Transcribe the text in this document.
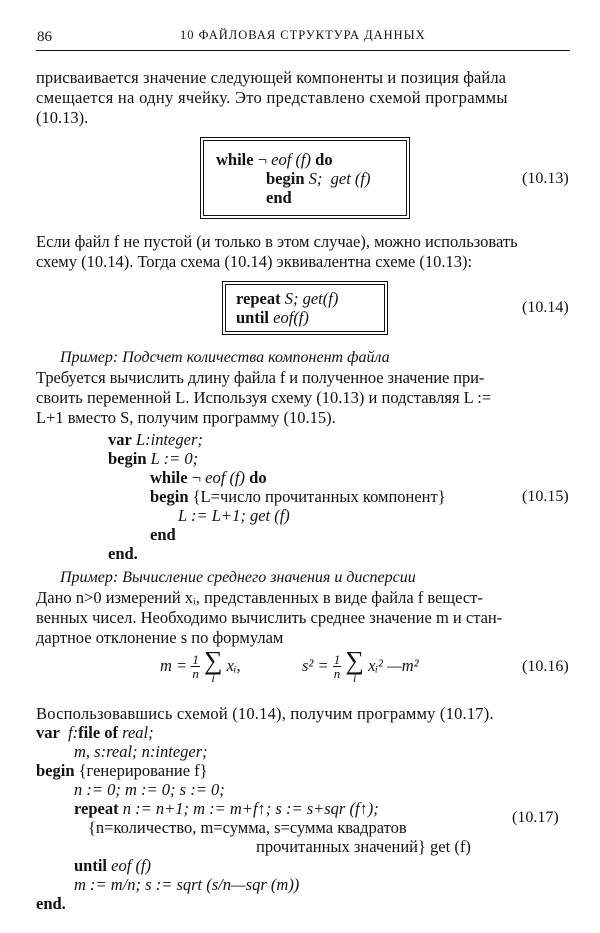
86	10 ФАЙЛОВАЯ СТРУКТУРА ДАННЫХ
присваивается значение следующей компоненты и позиция файла
смещается на одну ячейку. Это представлено схемой программы
(10.13).
while ¬ eof (f) do
begin S; get (f)
end
(10.13)
Если файл f не пустой (и только в этом случае), можно использовать
схему (10.14). Тогда схема (10.14) эквивалентна схеме (10.13):
repeat S; get(f)
until eof(f)
(10.14)
Пример: Подсчет количества компонент файла
Требуется вычислить длину файла f и полученное значение при-
своить переменной L. Используя схему (10.13) и подставляя L :=
L+1 вместо S, получим программу (10.15).
var L:integer;
begin L := 0;
while ¬ eof (f) do
begin {L=число прочитанных компонент}	(10.15)
L := L+1; get (f)
end
end.
Пример: Вычисление среднего значения и дисперсии
Дано n>0 измерений xᵢ, представленных в виде файла f вещест-
венных чисел. Необходимо вычислить среднее значение m и стан-
дартное отклонение s по формулам
$m = \frac{1}{n}$
∑
i
xᵢ,	$s^2 = \frac{1}{n}$
∑
i
xᵢ² —m²	(10.16)
Воспользовавшись схемой (10.14), получим программу (10.17).
var f:file of real;
m, s:real; n:integer;
begin {генерирование f}
n := 0; m := 0; s := 0;
repeat n := n+1; m := m+f↑; s := s+sqr (f↑);	(10.17)
{n=количество, m=сумма, s=сумма квадратов
прочитанных значений} get (f)
until eof (f)
m := m/n; s := sqrt (s/n—sqr (m))
end.
